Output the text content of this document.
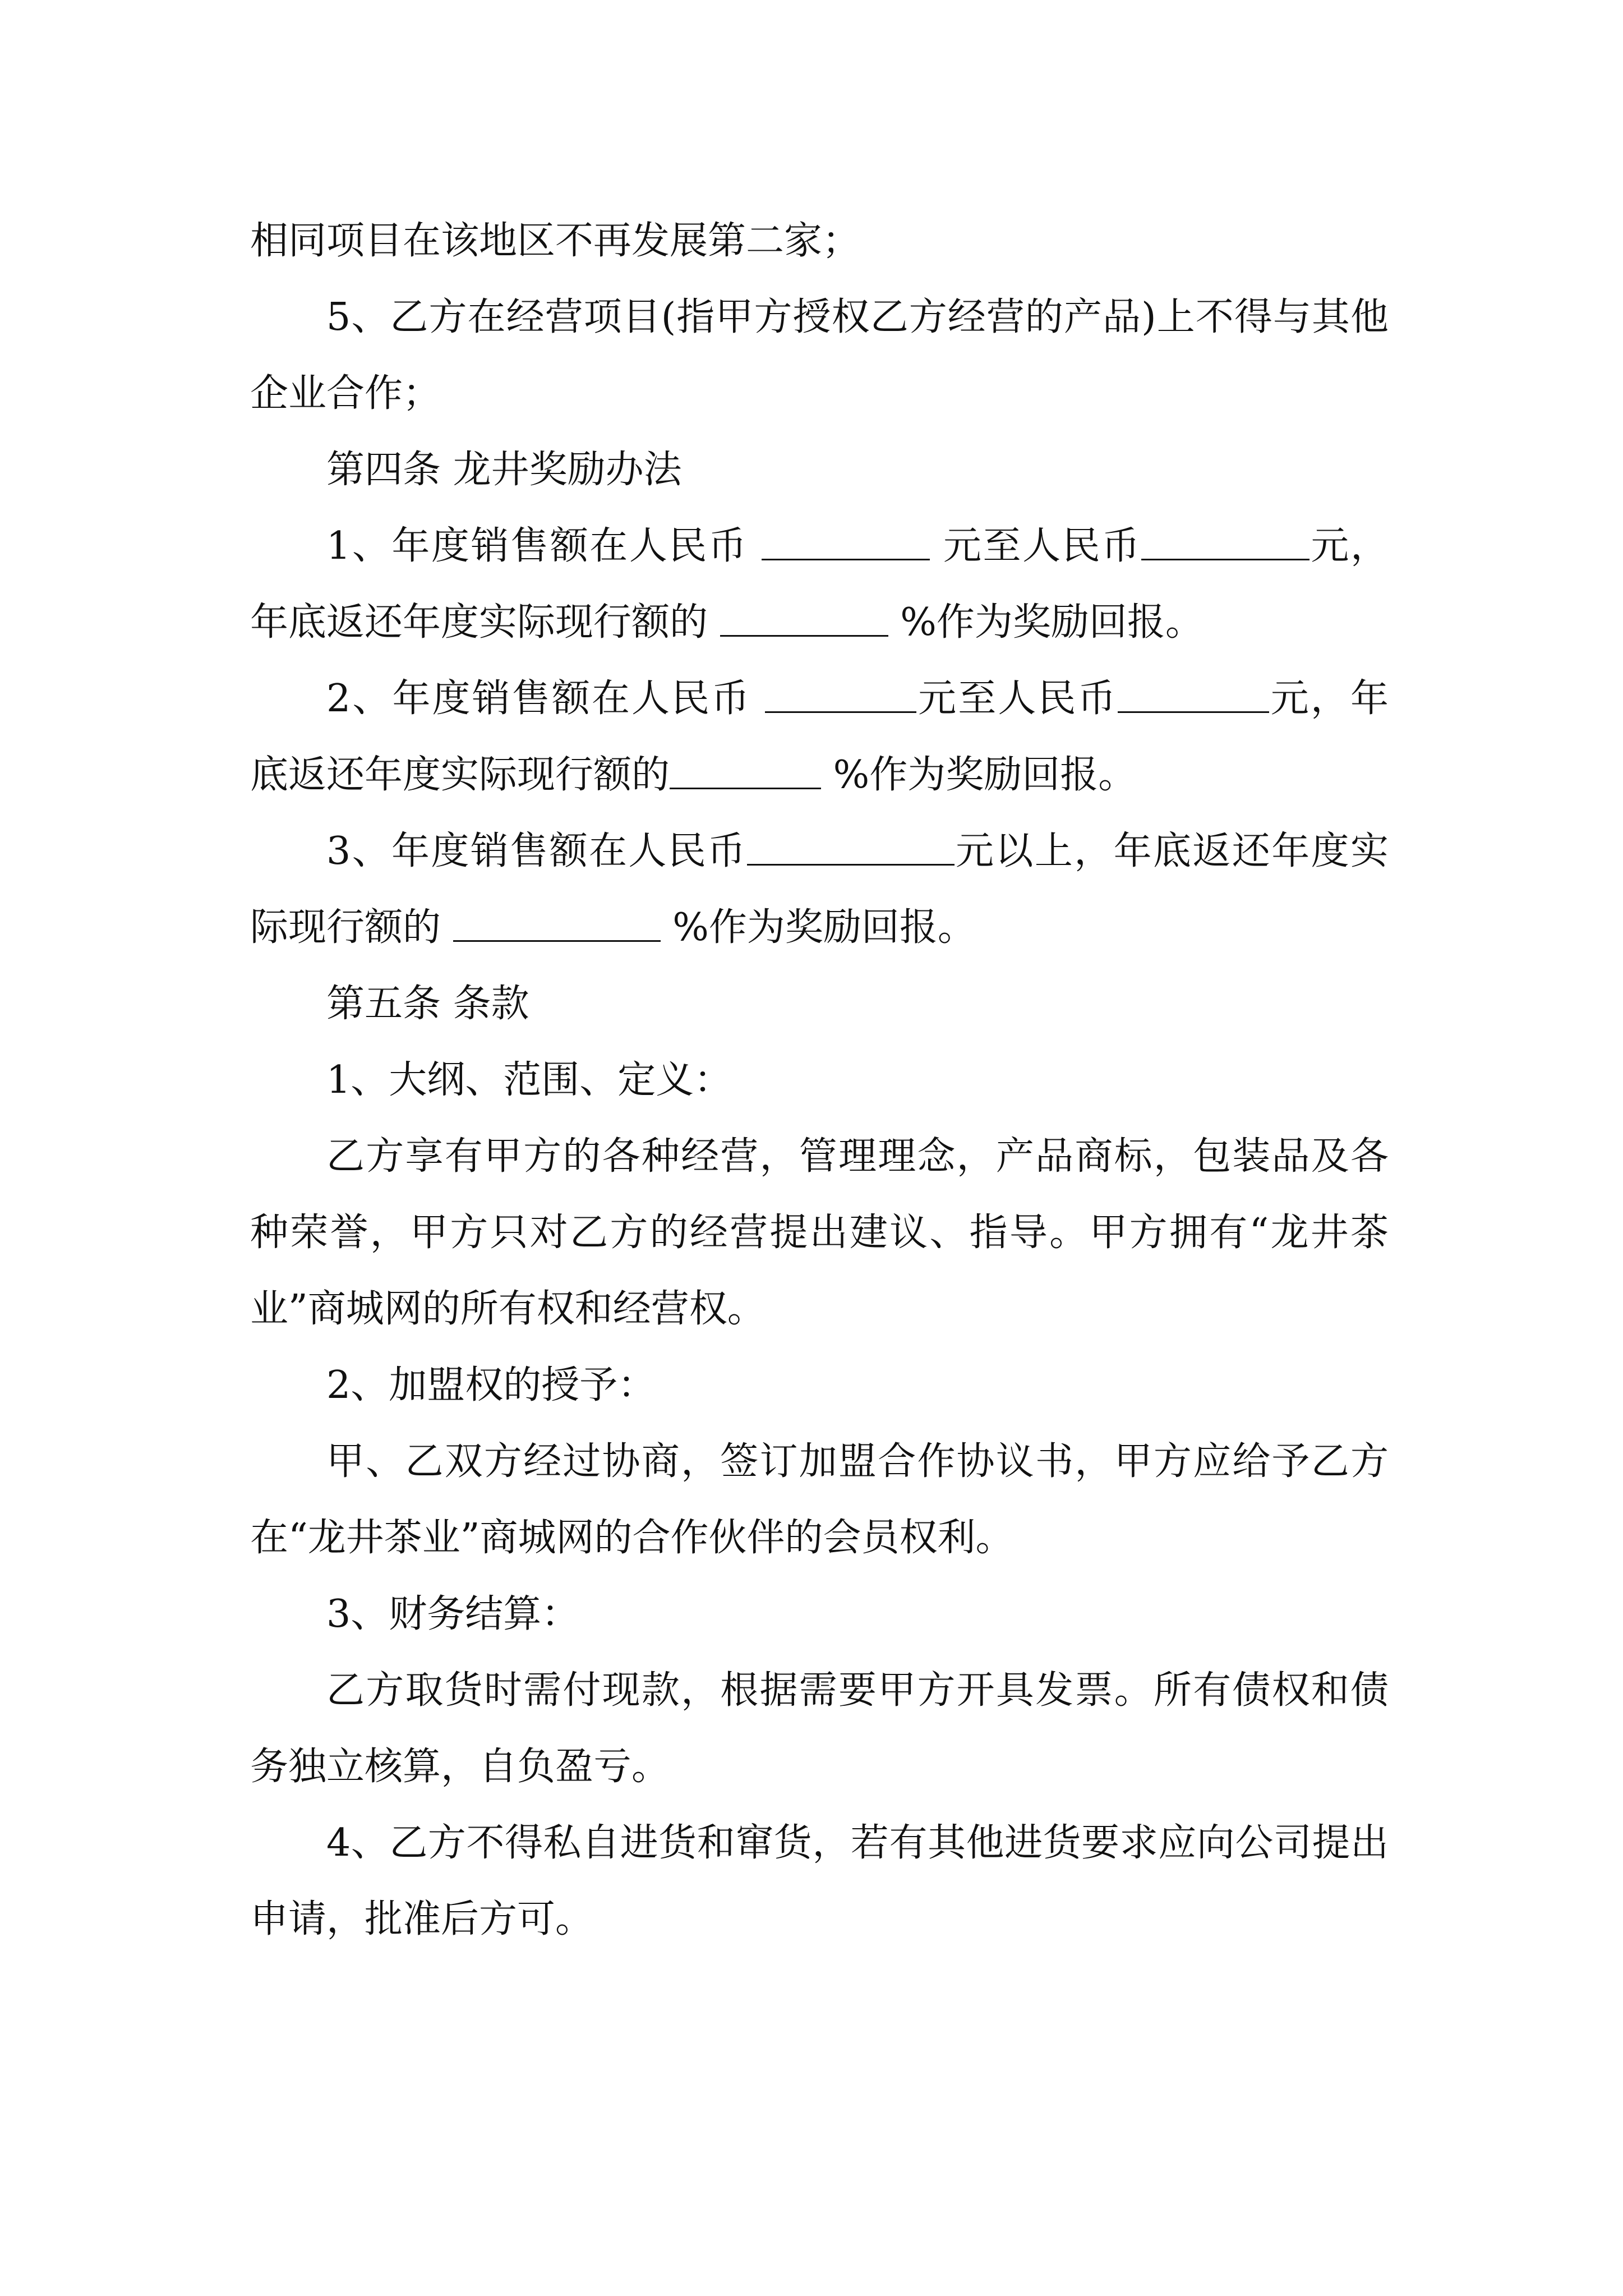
相同项目在该地区不再发展第二家；

5、乙方在经营项目(指甲方授权乙方经营的产品)上不得与其他企业合作；

第四条 龙井奖励办法

1、年度销售额在人民币	元至人民币	元，年底返还年度实际现行额的	%作为奖励回报。

2、年度销售额在人民币	元至人民币	元，年底返还年度实际现行额的	%作为奖励回报。

3、年度销售额在人民币	元以上，年底返还年度实际现行额的	%作为奖励回报。

第五条 条款

1、大纲、范围、定义：

乙方享有甲方的各种经营，管理理念，产品商标，包装品及各种荣誉，甲方只对乙方的经营提出建议、指导。甲方拥有“龙井茶业”商城网的所有权和经营权。

2、加盟权的授予：

甲、乙双方经过协商，签订加盟合作协议书，甲方应给予乙方在“龙井茶业”商城网的合作伙伴的会员权利。

3、财务结算：

乙方取货时需付现款，根据需要甲方开具发票。所有债权和债务独立核算，自负盈亏。

4、乙方不得私自进货和窜货，若有其他进货要求应向公司提出申请，批准后方可。
